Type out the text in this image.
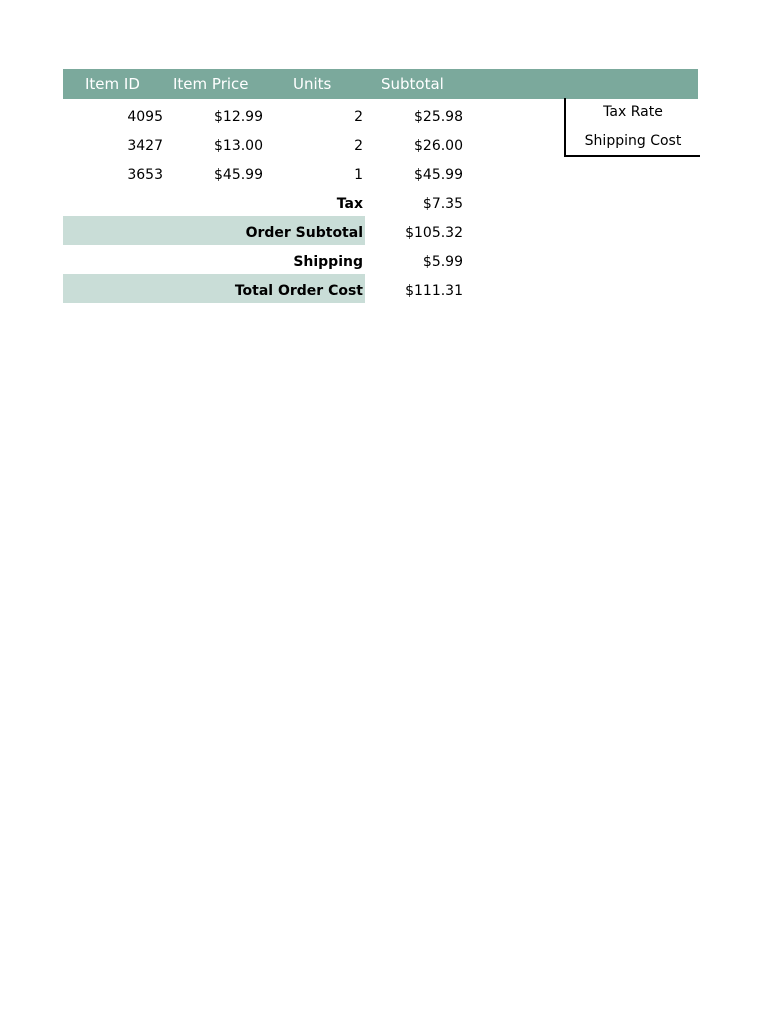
Item ID	Item Price	Units	Subtotal
4095	$12.99	2	$25.98
3427	$13.00	2	$26.00
3653	$45.99	1	$45.99
Tax	$7.35
Order Subtotal	$105.32
Shipping	$5.99
Total Order Cost	$111.31
Tax Rate
Shipping Cost
